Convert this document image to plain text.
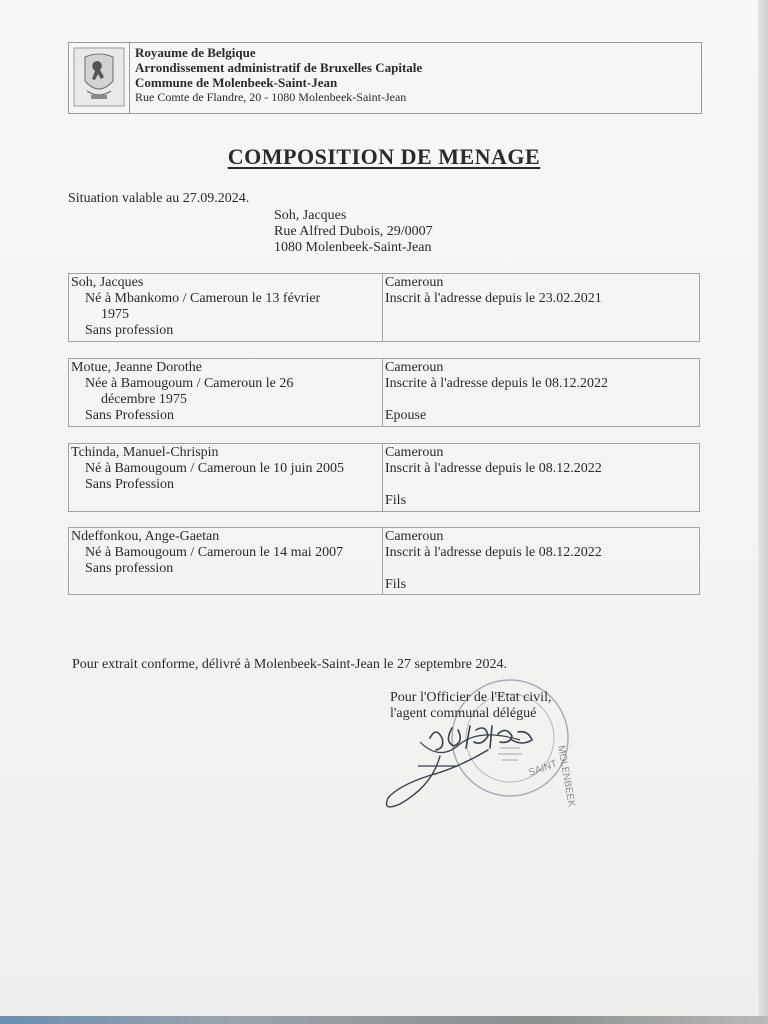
Royaume de Belgique
Arrondissement administratif de Bruxelles Capitale
Commune de Molenbeek-Saint-Jean
Rue Comte de Flandre, 20 - 1080 Molenbeek-Saint-Jean
COMPOSITION DE MENAGE
Situation valable au 27.09.2024.
Soh, Jacques
Rue Alfred Dubois, 29/0007
1080 Molenbeek-Saint-Jean
Soh, Jacques
Né à Mbankomo / Cameroun le 13 février
1975
Sans profession
Cameroun
Inscrit à l'adresse depuis le 23.02.2021
Motue, Jeanne Dorothe
Née à Bamougoum / Cameroun le 26
décembre 1975
Sans Profession
Cameroun
Inscrite à l'adresse depuis le 08.12.2022
Epouse
Tchinda, Manuel-Chrispin
Né à Bamougoum / Cameroun le 10 juin 2005
Sans Profession
Cameroun
Inscrit à l'adresse depuis le 08.12.2022
Fils
Ndeffonkou, Ange-Gaetan
Né à Bamougoum / Cameroun le 14 mai 2007
Sans profession
Cameroun
Inscrit à l'adresse depuis le 08.12.2022
Fils
Pour extrait conforme, délivré à Molenbeek-Saint-Jean le 27 septembre 2024.
SAINT
MOLENBEEK
Pour l'Officier de l'Etat civil,
l'agent communal délégué
